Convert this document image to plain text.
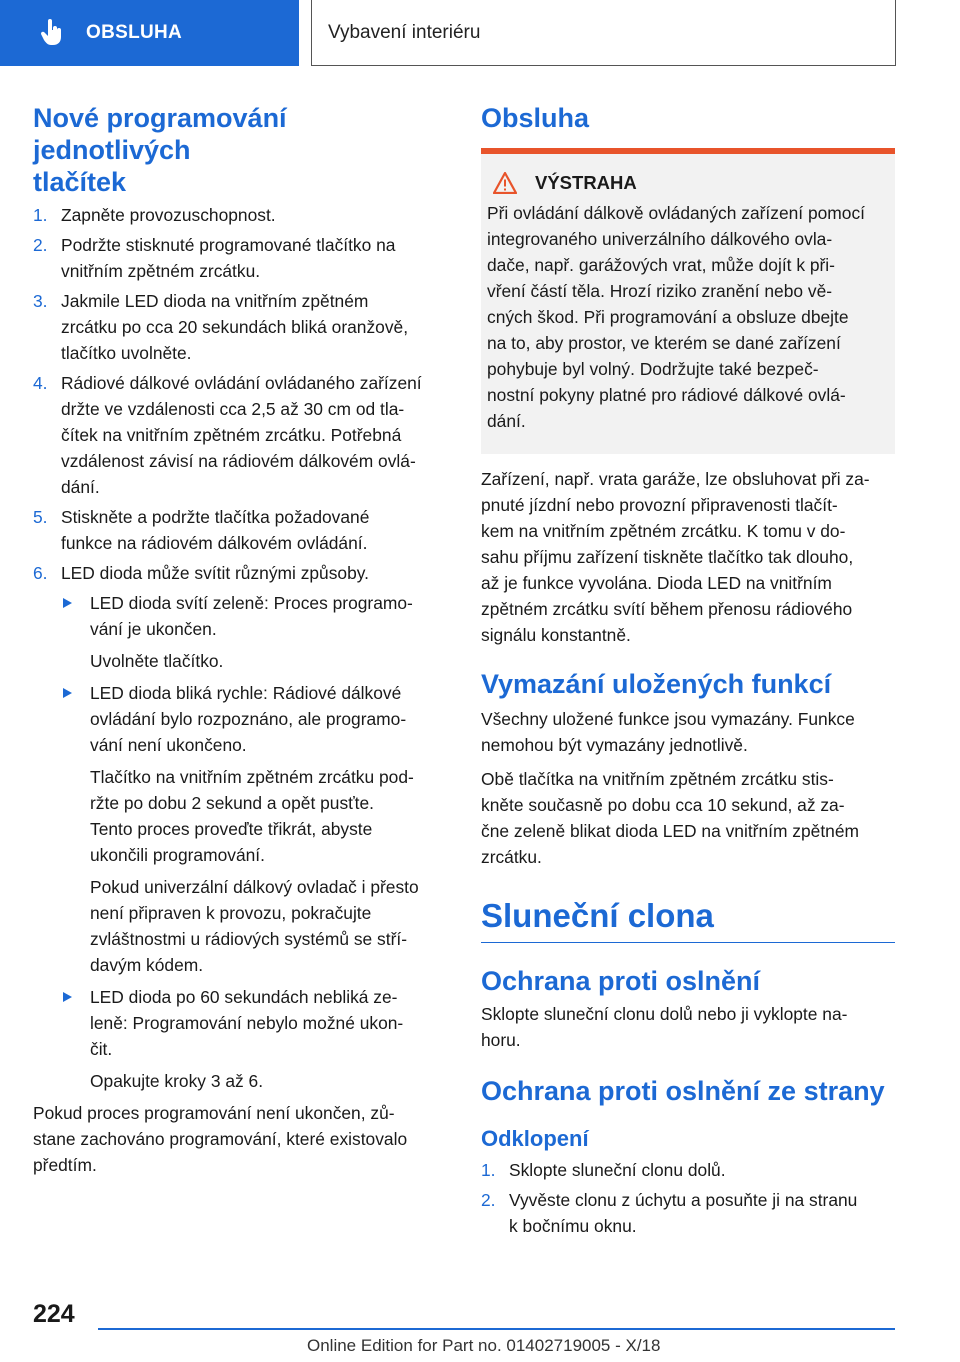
OBSLUHA	Vybavení interiéru
Nové programování jednotlivých
tlačítek
1. Zapněte provozuschopnost.
2. Podržte stisknuté programované tlačítko na
vnitřním zpětném zrcátku.
3. Jakmile LED dioda na vnitřním zpětném
zrcátku po cca 20 sekundách bliká oranžově,
tlačítko uvolněte.
4. Rádiové dálkové ovládání ovládaného zařízení
držte ve vzdálenosti cca 2,5 až 30 cm od tla‐
čítek na vnitřním zpětném zrcátku. Potřebná
vzdálenost závisí na rádiovém dálkovém ovlá‐
dání.
5. Stiskněte a podržte tlačítka požadované
funkce na rádiovém dálkovém ovládání.
6. LED dioda může svítit různými způsoby.
LED dioda svítí zeleně: Proces programo‐
vání je ukončen.
Uvolněte tlačítko.
LED dioda bliká rychle: Rádiové dálkové
ovládání bylo rozpoznáno, ale programo‐
vání není ukončeno.
Tlačítko na vnitřním zpětném zrcátku pod‐
ržte po dobu 2 sekund a opět pusťte.
Tento proces proveďte třikrát, abyste
ukončili programování.
Pokud univerzální dálkový ovladač i přesto
není připraven k provozu, pokračujte
zvláštnostmi u rádiových systémů se stří‐
davým kódem.
LED dioda po 60 sekundách nebliká ze‐
leně: Programování nebylo možné ukon‐
čit.
Opakujte kroky 3 až 6.
Pokud proces programování není ukončen, zů‐
stane zachováno programování, které existovalo
předtím.
Obsluha
VÝSTRAHA
Při ovládání dálkově ovládaných zařízení pomocí
integrovaného univerzálního dálkového ovla‐
dače, např. garážových vrat, může dojít k při‐
vření částí těla. Hrozí riziko zranění nebo vě‐
cných škod. Při programování a obsluze dbejte
na to, aby prostor, ve kterém se dané zařízení
pohybuje byl volný. Dodržujte také bezpeč‐
nostní pokyny platné pro rádiové dálkové ovlá‐
dání.
Zařízení, např. vrata garáže, lze obsluhovat při za‐
pnuté jízdní nebo provozní připravenosti tlačít‐
kem na vnitřním zpětném zrcátku. K tomu v do‐
sahu příjmu zařízení tiskněte tlačítko tak dlouho,
až je funkce vyvolána. Dioda LED na vnitřním
zpětném zrcátku svítí během přenosu rádiového
signálu konstantně.
Vymazání uložených funkcí
Všechny uložené funkce jsou vymazány. Funkce
nemohou být vymazány jednotlivě.
Obě tlačítka na vnitřním zpětném zrcátku stis‐
kněte současně po dobu cca 10 sekund, až za‐
čne zeleně blikat dioda LED na vnitřním zpětném
zrcátku.
Sluneční clona
Ochrana proti oslnění
Sklopte sluneční clonu dolů nebo ji vyklopte na‐
horu.
Ochrana proti oslnění ze strany
Odklopení
1. Sklopte sluneční clonu dolů.
2. Vyvěste clonu z úchytu a posuňte ji na stranu
k bočnímu oknu.
224
Online Edition for Part no. 01402719005 - X/18
